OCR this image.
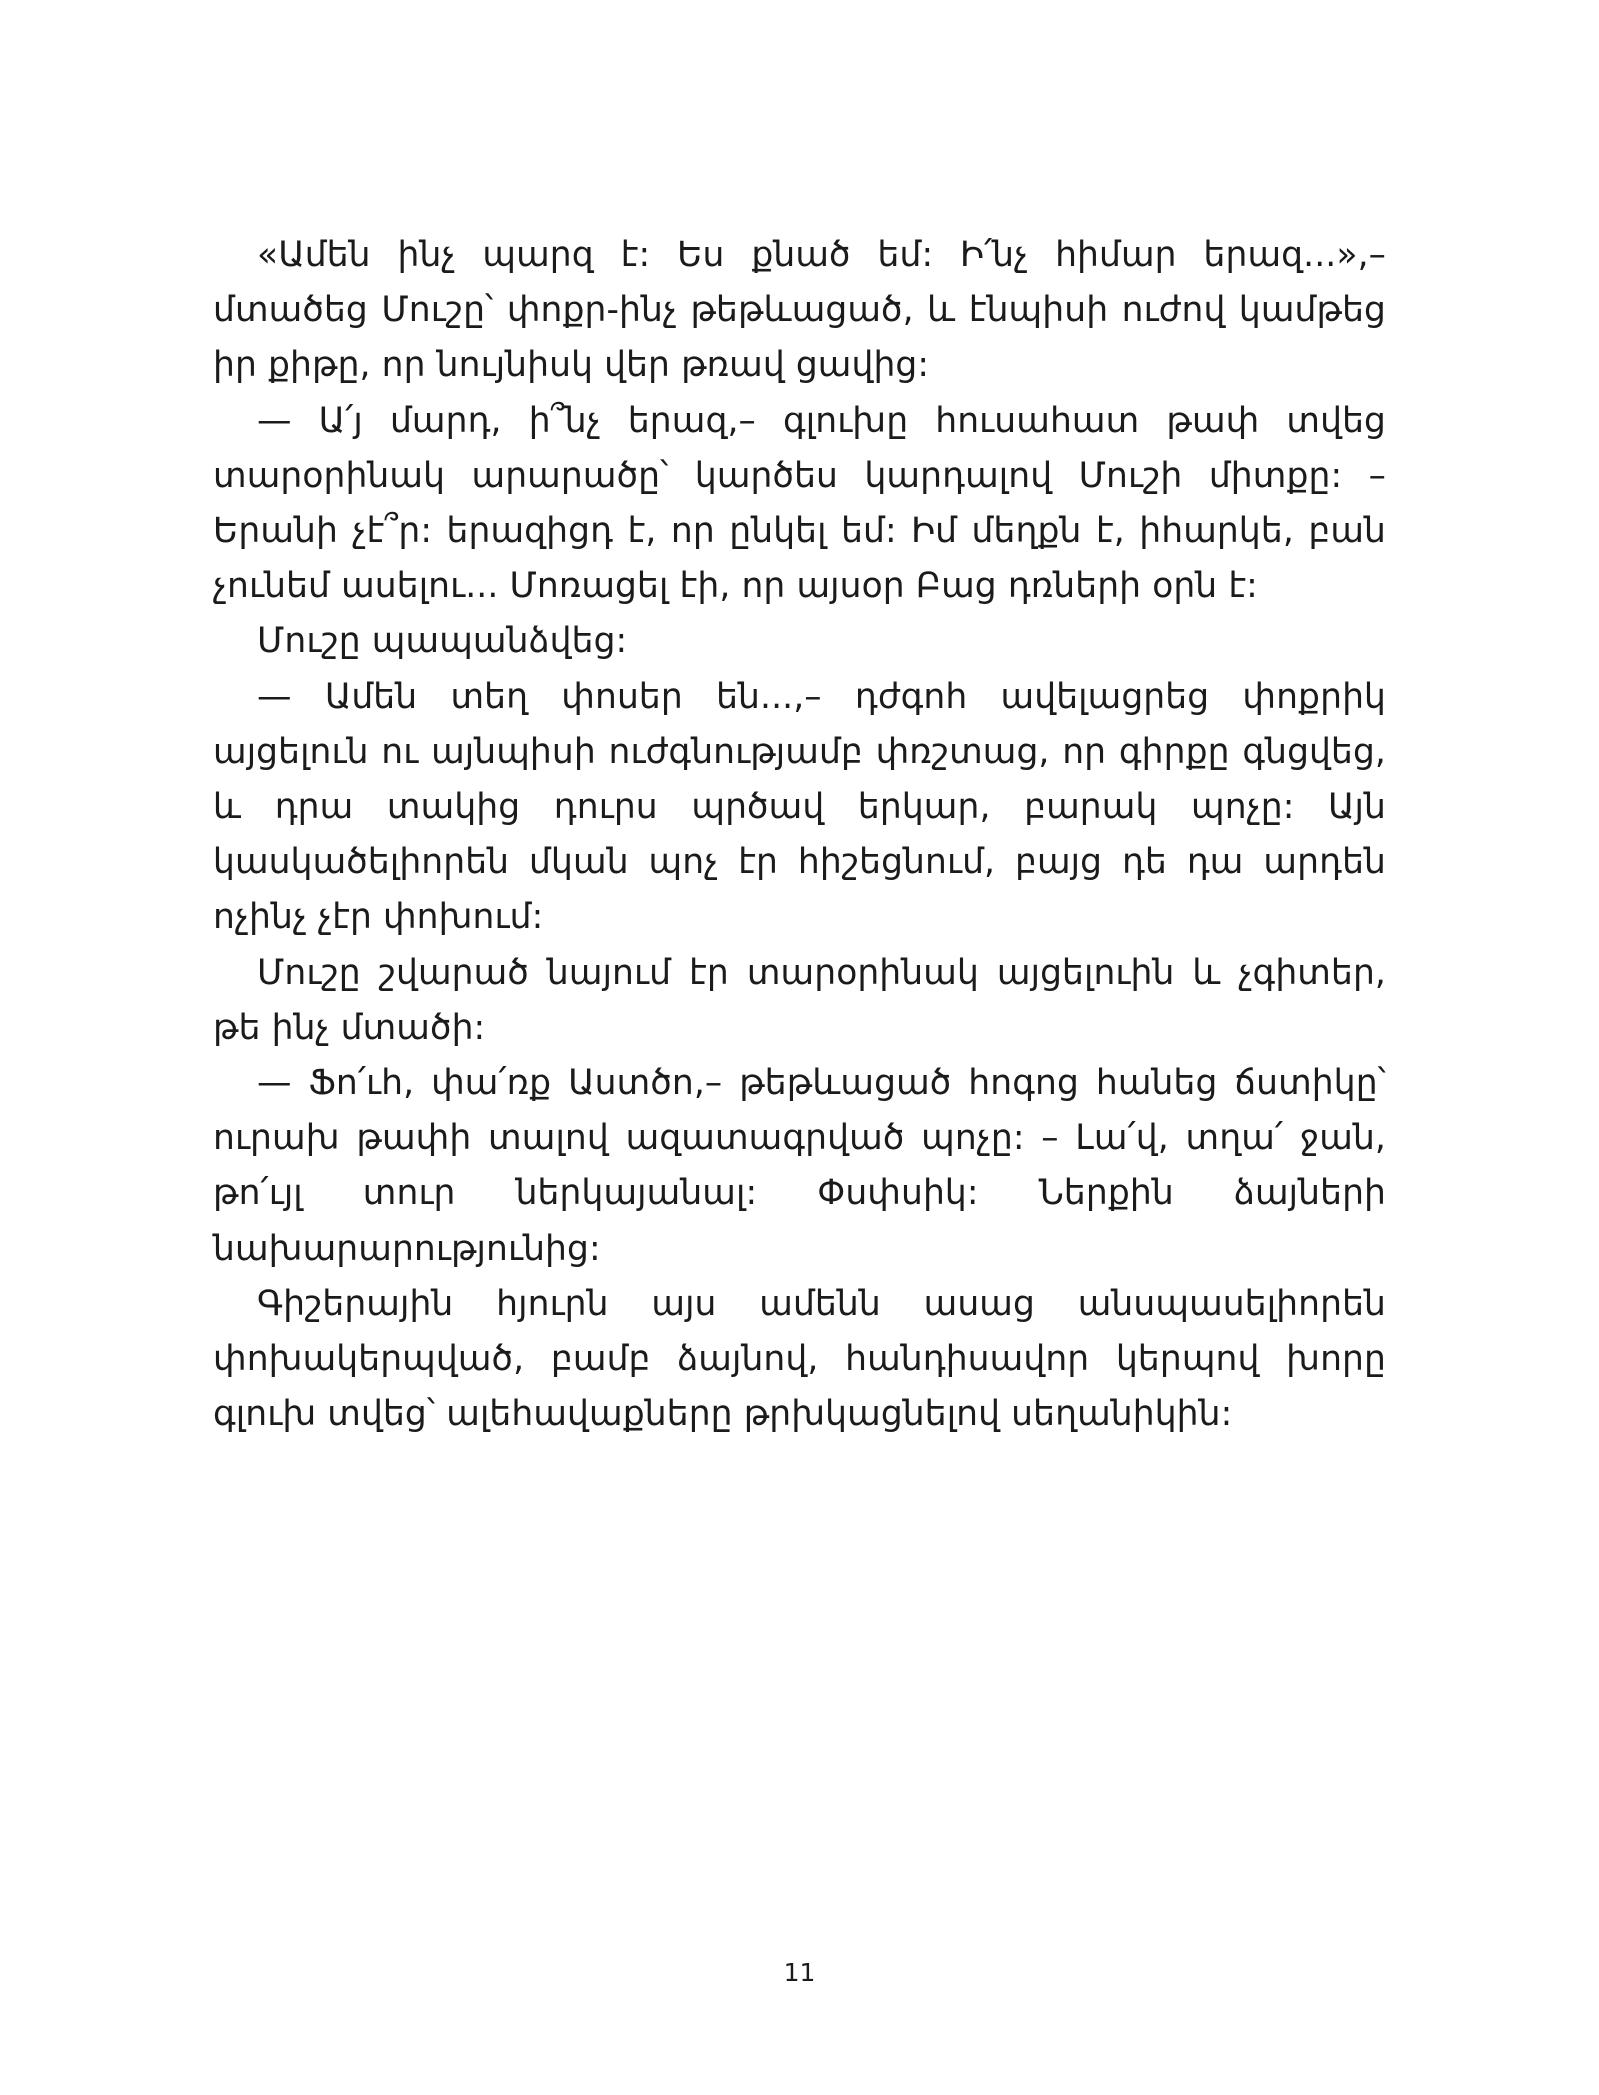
«Ամեն ինչ պարզ է: Ես քնած եմ: Ի՛նչ հիմար երազ...»,– մտածեց Մուշը՝ փոքր-ինչ թեթևացած, և էնպիսի ուժով կամթեց իր քիթը, որ նույնիսկ վեր թռավ ցավից:

— Ա՛յ մարդ, ի՞նչ երազ,– գլուխը հուսահատ թափ տվեց տարօրինակ արարածը՝ կարծես կարդալով Մուշի միտքը: – Երանի չէ՞ր: երազիցդ է, որ ընկել եմ: Իմ մեղքն է, իհարկե, բան չունեմ ասելու... Մոռացել էի, որ այսօր Բաց դռների օրն է:

Մուշը պապանձվեց:

— Ամեն տեղ փոսեր են...,– դժգոհ ավելացրեց փոքրիկ այցելուն ու այնպիսի ուժգնությամբ փռշտաց, որ գիրքը գնցվեց, և դրա տակից դուրս պրծավ երկար, բարակ պոչը: Այն կասկածելիորեն մկան պոչ էր հիշեցնում, բայց դե դա արդեն ոչինչ չէր փոխում:

Մուշը շվարած նայում էր տարօրինակ այցելուին և չգիտեր, թե ինչ մտածի:

— Ֆո՛ւհ, փա՛ռք Աստծո,– թեթևացած հոգոց հանեց ճստիկը՝ ուրախ թափի տալով ազատագրված պոչը: – Լա՛վ, տղա՛ ջան, թո՛ւյլ տուր ներկայանալ: Փսփսիկ: Ներքին ձայների նախարարությունից:

Գիշերային հյուրն այս ամենն ասաց անսպասելիորեն փոխակերպված, բամբ ձայնով, հանդիսավոր կերպով խորը գլուխ տվեց՝ ալեհավաքները թրխկացնելով սեղանիկին:

11
